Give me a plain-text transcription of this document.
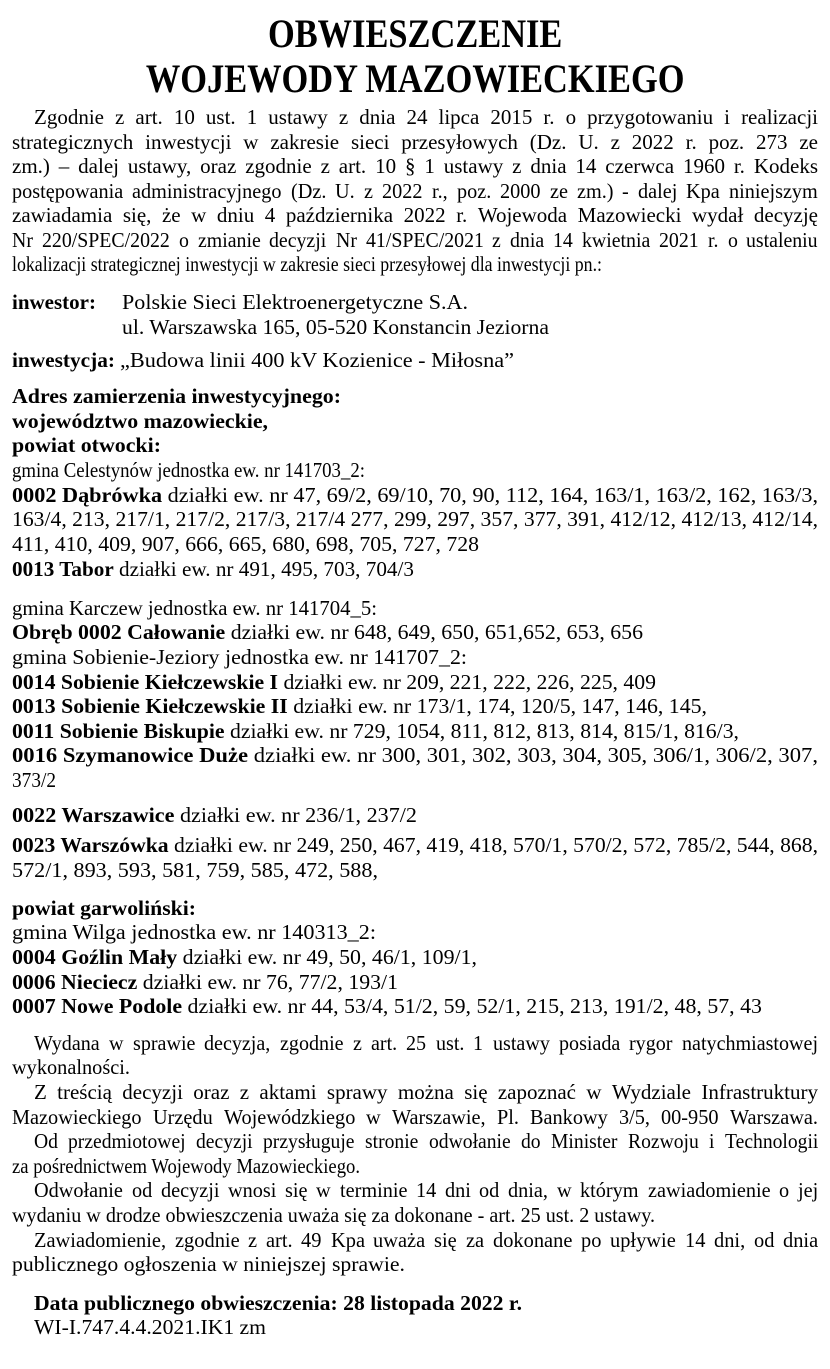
OBWIESZCZENIE
WOJEWODY MAZOWIECKIEGO
Zgodnie z art. 10 ust. 1 ustawy z dnia 24 lipca 2015 r. o przygotowaniu i realizacji
strategicznych inwestycji w zakresie sieci przesyłowych (Dz. U. z 2022 r. poz. 273 ze
zm.) – dalej ustawy, oraz zgodnie z art. 10 § 1 ustawy z dnia 14 czerwca 1960 r. Kodeks
postępowania administracyjnego (Dz. U. z 2022 r., poz. 2000 ze zm.) - dalej Kpa niniejszym
zawiadamia się, że w dniu 4 października 2022 r. Wojewoda Mazowiecki wydał decyzję
Nr 220/SPEC/2022 o zmianie decyzji Nr 41/SPEC/2021 z dnia 14 kwietnia 2021 r. o ustaleniu
lokalizacji strategicznej inwestycji w zakresie sieci przesyłowej dla inwestycji pn.:
inwestor: Polskie Sieci Elektroenergetyczne S.A.
ul. Warszawska 165, 05-520 Konstancin Jeziorna
inwestycja: „Budowa linii 400 kV Kozienice - Miłosna”
Adres zamierzenia inwestycyjnego:
województwo mazowieckie,
powiat otwocki:
gmina Celestynów jednostka ew. nr 141703_2:
0002 Dąbrówka działki ew. nr 47, 69/2, 69/10, 70, 90, 112, 164, 163/1, 163/2, 162, 163/3,
163/4, 213, 217/1, 217/2, 217/3, 217/4 277, 299, 297, 357, 377, 391, 412/12, 412/13, 412/14,
411, 410, 409, 907, 666, 665, 680, 698, 705, 727, 728
0013 Tabor działki ew. nr 491, 495, 703, 704/3
gmina Karczew jednostka ew. nr 141704_5:
Obręb 0002 Całowanie działki ew. nr 648, 649, 650, 651,652, 653, 656
gmina Sobienie-Jeziory jednostka ew. nr 141707_2:
0014 Sobienie Kiełczewskie I działki ew. nr 209, 221, 222, 226, 225, 409
0013 Sobienie Kiełczewskie II działki ew. nr 173/1, 174, 120/5, 147, 146, 145,
0011 Sobienie Biskupie działki ew. nr 729, 1054, 811, 812, 813, 814, 815/1, 816/3,
0016 Szymanowice Duże działki ew. nr 300, 301, 302, 303, 304, 305, 306/1, 306/2, 307,
373/2
0022 Warszawice działki ew. nr 236/1, 237/2
0023 Warszówka działki ew. nr 249, 250, 467, 419, 418, 570/1, 570/2, 572, 785/2, 544, 868,
572/1, 893, 593, 581, 759, 585, 472, 588,
powiat garwoliński:
gmina Wilga jednostka ew. nr 140313_2:
0004 Goźlin Mały działki ew. nr 49, 50, 46/1, 109/1,
0006 Nieciecz działki ew. nr 76, 77/2, 193/1
0007 Nowe Podole działki ew. nr 44, 53/4, 51/2, 59, 52/1, 215, 213, 191/2, 48, 57, 43
Wydana w sprawie decyzja, zgodnie z art. 25 ust. 1 ustawy posiada rygor natychmiastowej
wykonalności.
Z treścią decyzji oraz z aktami sprawy można się zapoznać w Wydziale Infrastruktury
Mazowieckiego Urzędu Wojewódzkiego w Warszawie, Pl. Bankowy 3/5, 00-950 Warszawa.
Od przedmiotowej decyzji przysługuje stronie odwołanie do Minister Rozwoju i Technologii
za pośrednictwem Wojewody Mazowieckiego.
Odwołanie od decyzji wnosi się w terminie 14 dni od dnia, w którym zawiadomienie o jej
wydaniu w drodze obwieszczenia uważa się za dokonane - art. 25 ust. 2 ustawy.
Zawiadomienie, zgodnie z art. 49 Kpa uważa się za dokonane po upływie 14 dni, od dnia
publicznego ogłoszenia w niniejszej sprawie.
Data publicznego obwieszczenia: 28 listopada 2022 r.
WI-I.747.4.4.2021.IK1 zm
